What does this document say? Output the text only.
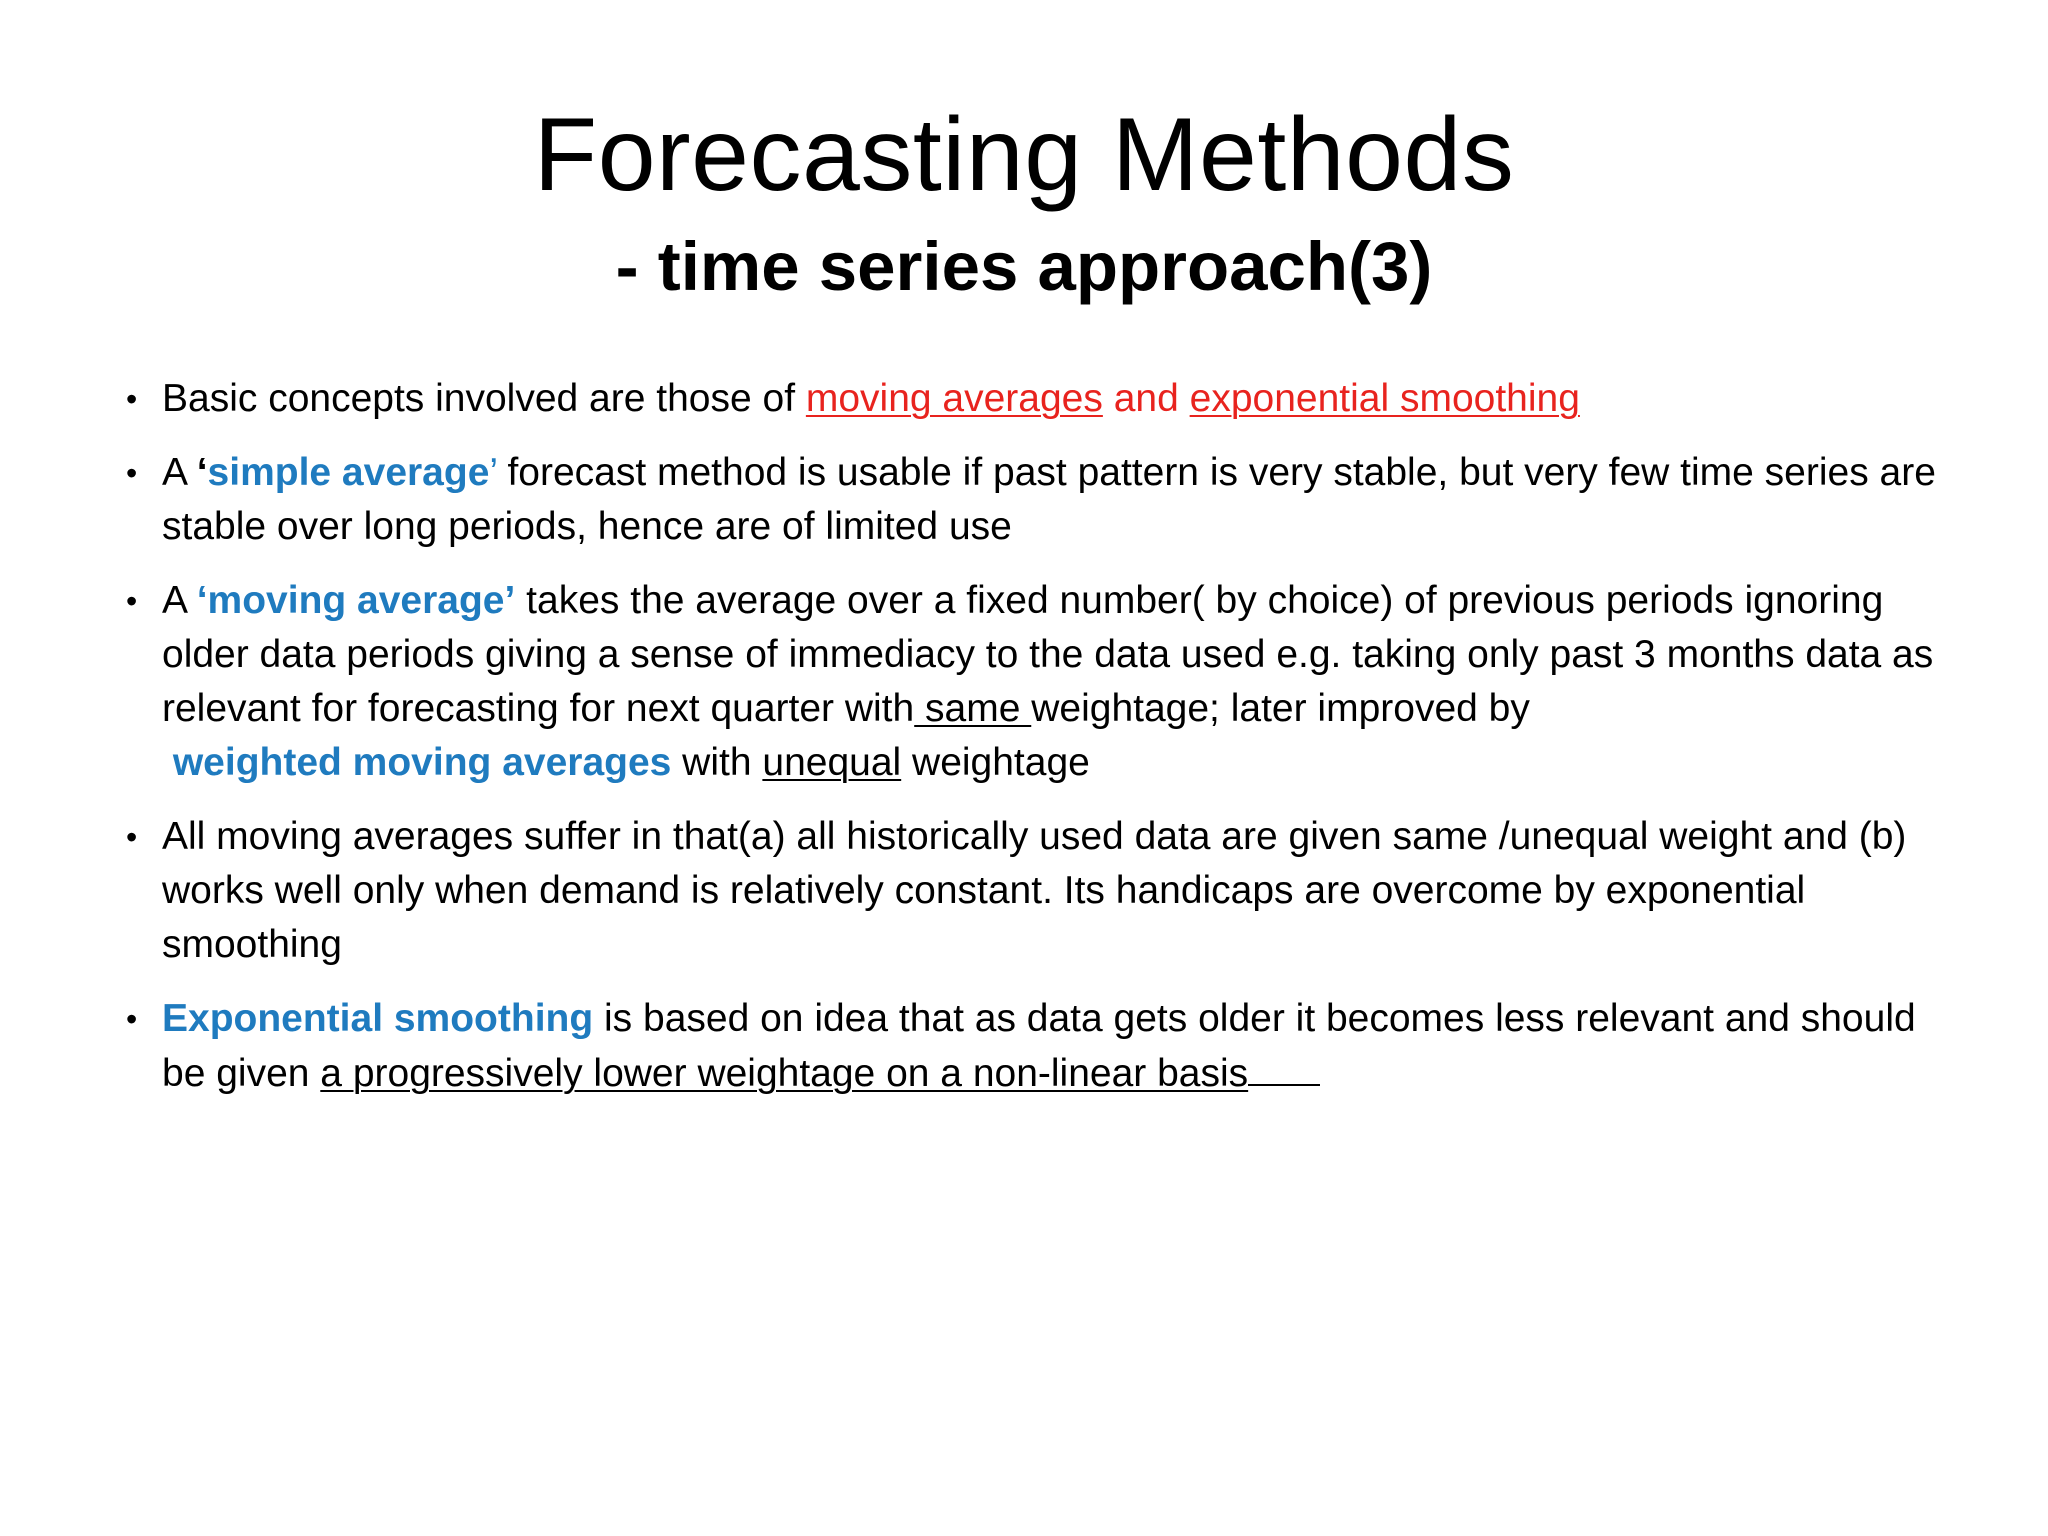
Forecasting Methods
- time series approach(3)
• Basic concepts involved are those of moving averages and exponential smoothing
• A ‘simple average’ forecast method is usable if past pattern is very stable, but very few time series are stable over long periods, hence are of limited use
• A ‘moving average’ takes the average over a fixed number( by choice) of previous periods ignoring older data periods giving a sense of immediacy to the data used e.g. taking only past 3 months data as relevant for forecasting for next quarter with same weightage; later improved by
weighted moving averages with unequal weightage
• All moving averages suffer in that(a) all historically used data are given same /unequal weight and (b) works well only when demand is relatively constant. Its handicaps are overcome by exponential smoothing
• Exponential smoothing is based on idea that as data gets older it becomes less relevant and should be given a progressively lower weightage on a non-linear basis
